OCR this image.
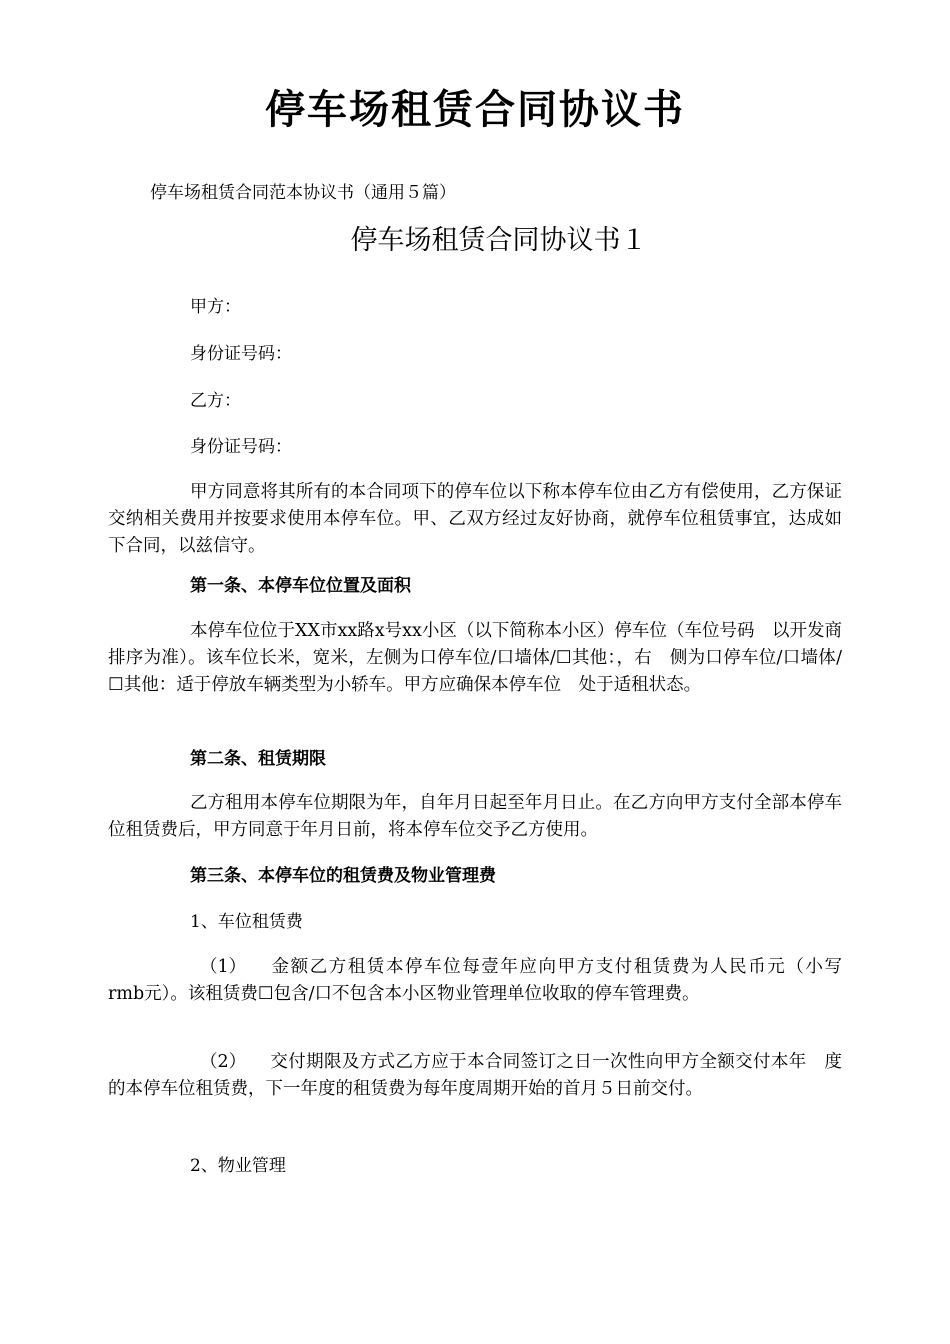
停车场租赁合同协议书
停车场租赁合同范本协议书（通用５篇）
停车场租赁合同协议书１
甲方：
身份证号码：
乙方：
身份证号码：
甲方同意将其所有的本合同项下的停车位以下称本停车位由乙方有偿使用，乙方保证交纳相关费用并按要求使用本停车位。甲、乙双方经过友好协商，就停车位租赁事宜，达成如下合同，以兹信守。
第一条、本停车位位置及面积
本停车位位于XX市xx路x号xx小区（以下简称本小区）停车位（车位号码　以开发商排序为准）。该车位长米，宽米，左侧为口停车位/口墙体/☐其他：，右　侧为口停车位/口墙体/☐其他：适于停放车辆类型为小轿车。甲方应确保本停车位　处于适租状态。
第二条、租赁期限
乙方租用本停车位期限为年，自年月日起至年月日止。在乙方向甲方支付全部本停车位租赁费后，甲方同意于年月日前，将本停车位交予乙方使用。
第三条、本停车位的租赁费及物业管理费
1、车位租赁费
（1） 金额乙方租赁本停车位每壹年应向甲方支付租赁费为人民币元（小写　rmb元）。该租赁费☐包含/口不包含本小区物业管理单位收取的停车管理费。
（2） 交付期限及方式乙方应于本合同签订之日一次性向甲方全额交付本年　度的本停车位租赁费，下一年度的租赁费为每年度周期开始的首月５日前交付。
2、物业管理
